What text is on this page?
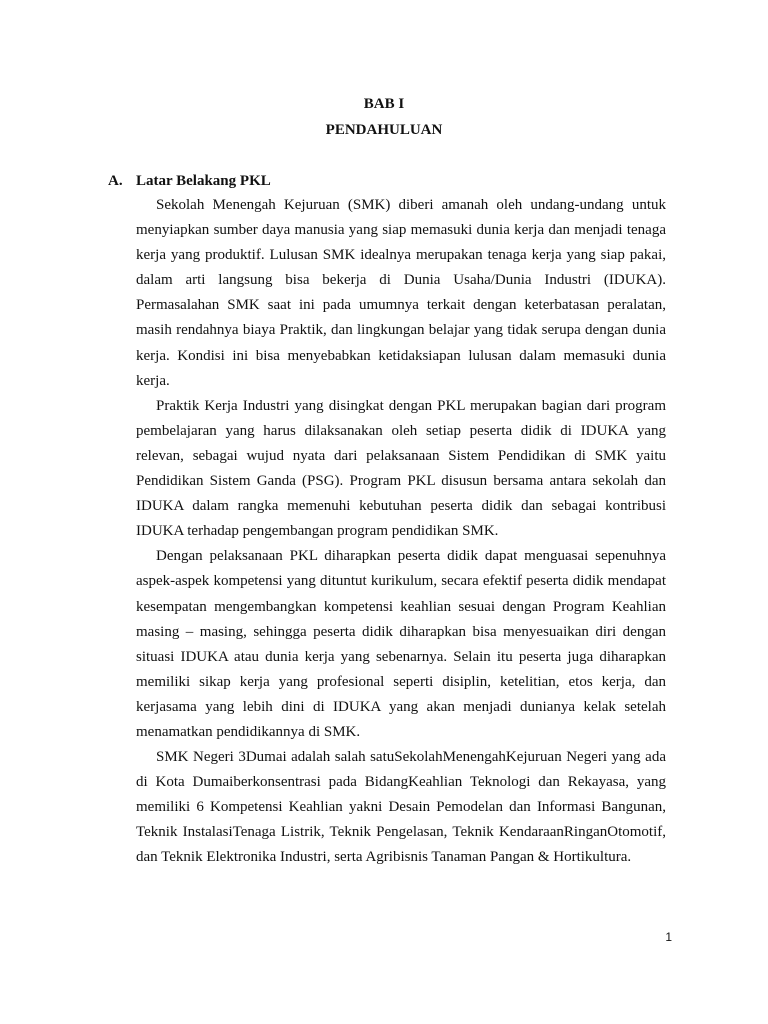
BAB I
PENDAHULUAN
A. Latar Belakang PKL

Sekolah Menengah Kejuruan (SMK) diberi amanah oleh undang-undang untuk menyiapkan sumber daya manusia yang siap memasuki dunia kerja dan menjadi tenaga kerja yang produktif. Lulusan SMK idealnya merupakan tenaga kerja yang siap pakai, dalam arti langsung bisa bekerja di Dunia Usaha/Dunia Industri (IDUKA). Permasalahan SMK saat ini pada umumnya terkait dengan keterbatasan peralatan, masih rendahnya biaya Praktik, dan lingkungan belajar yang tidak serupa dengan dunia kerja. Kondisi ini bisa menyebabkan ketidaksiapan lulusan dalam memasuki dunia kerja.

Praktik Kerja Industri yang disingkat dengan PKL merupakan bagian dari program pembelajaran yang harus dilaksanakan oleh setiap peserta didik di IDUKA yang relevan, sebagai wujud nyata dari pelaksanaan Sistem Pendidikan di SMK yaitu Pendidikan Sistem Ganda (PSG). Program PKL disusun bersama antara sekolah dan IDUKA dalam rangka memenuhi kebutuhan peserta didik dan sebagai kontribusi IDUKA terhadap pengembangan program pendidikan SMK.

Dengan pelaksanaan PKL diharapkan peserta didik dapat menguasai sepenuhnya aspek-aspek kompetensi yang dituntut kurikulum, secara efektif peserta didik mendapat kesempatan mengembangkan kompetensi keahlian sesuai dengan Program Keahlian masing – masing, sehingga peserta didik diharapkan bisa menyesuaikan diri dengan situasi IDUKA atau dunia kerja yang sebenarnya. Selain itu peserta juga diharapkan memiliki sikap kerja yang profesional seperti disiplin, ketelitian, etos kerja, dan kerjasama yang lebih dini di IDUKA yang akan menjadi dunianya kelak setelah menamatkan pendidikannya di SMK.

SMK Negeri 3Dumai adalah salah satuSekolahMenengahKejuruan Negeri yang ada di Kota Dumaiberkonsentrasi pada BidangKeahlian Teknologi dan Rekayasa, yang memiliki 6 Kompetensi Keahlian yakni Desain Pemodelan dan Informasi Bangunan, Teknik InstalasiTenaga Listrik, Teknik Pengelasan, Teknik KendaraanRinganOtomotif, dan Teknik Elektronika Industri, serta Agribisnis Tanaman Pangan & Hortikultura.

1
